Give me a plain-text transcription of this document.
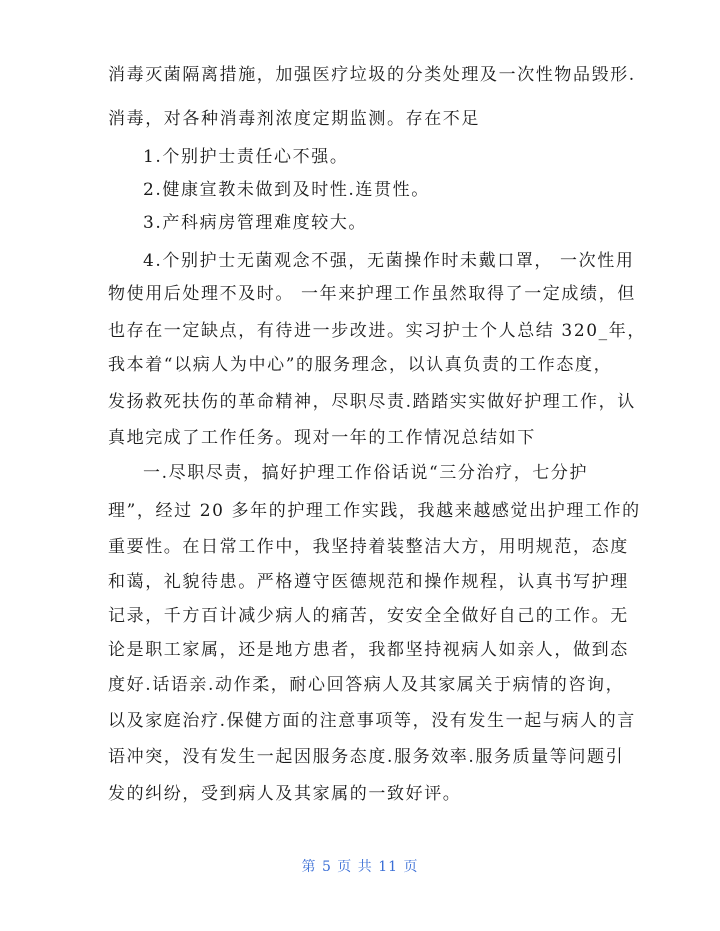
消毒灭菌隔离措施，加强医疗垃圾的分类处理及一次性物品毁形.
消毒，对各种消毒剂浓度定期监测。存在不足
1.个别护士责任心不强。
2.健康宣教未做到及时性.连贯性。
3.产科病房管理难度较大。
4.个别护士无菌观念不强，无菌操作时未戴口罩， 一次性用
物使用后处理不及时。 一年来护理工作虽然取得了一定成绩，但
也存在一定缺点，有待进一步改进。实习护士个人总结 320_年，
我本着“以病人为中心”的服务理念，以认真负责的工作态度，
发扬救死扶伤的革命精神，尽职尽责.踏踏实实做好护理工作，认
真地完成了工作任务。现对一年的工作情况总结如下
一.尽职尽责，搞好护理工作俗话说“三分治疗，七分护
理”，经过 20 多年的护理工作实践，我越来越感觉出护理工作的
重要性。在日常工作中，我坚持着装整洁大方，用明规范，态度
和蔼，礼貌待患。严格遵守医德规范和操作规程，认真书写护理
记录，千方百计减少病人的痛苦，安安全全做好自己的工作。无
论是职工家属，还是地方患者，我都坚持视病人如亲人，做到态
度好.话语亲.动作柔，耐心回答病人及其家属关于病情的咨询，
以及家庭治疗.保健方面的注意事项等，没有发生一起与病人的言
语冲突，没有发生一起因服务态度.服务效率.服务质量等问题引
发的纠纷，受到病人及其家属的一致好评。
第 5 页 共 11 页
